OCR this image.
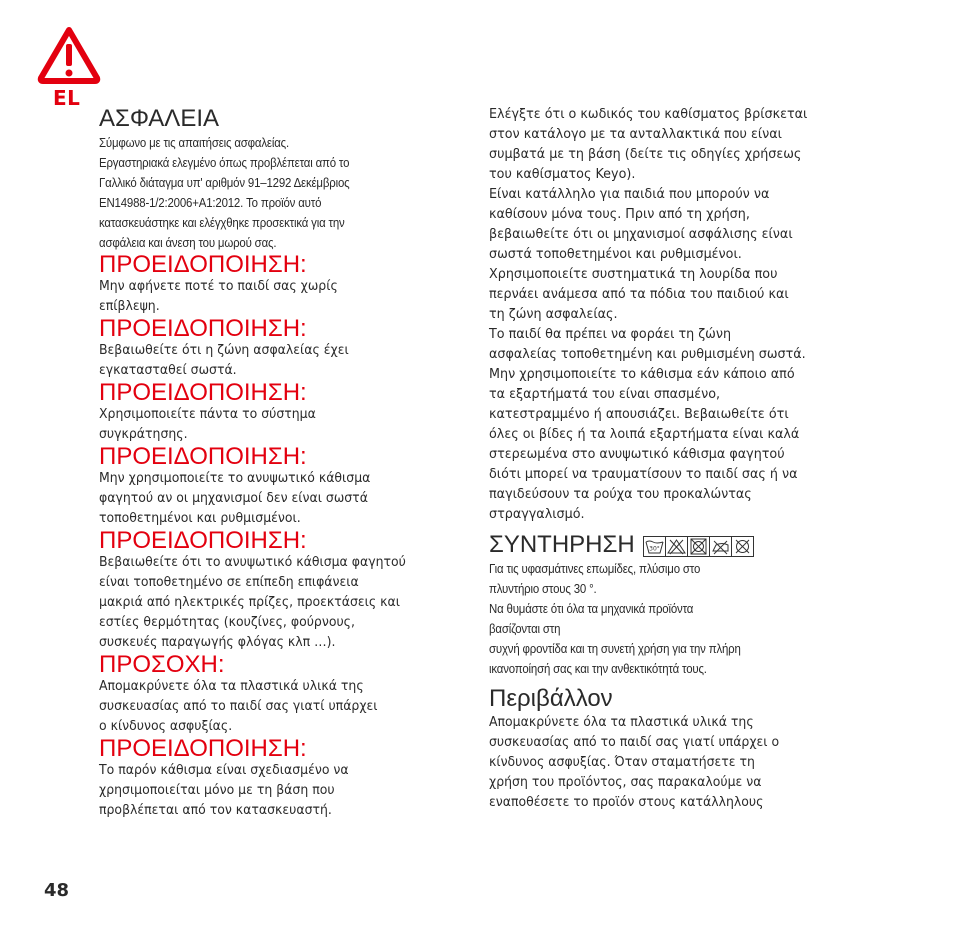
EL
ΑΣΦΑΛΕΙΑ
Σύμφωνο με τις απαιτήσεις ασφαλείας.
Εργαστηριακά ελεγμένο όπως προβλέπεται από το
Γαλλικό διάταγμα υπ' αριθμόν 91–1292 Δεκέμβριος
EN14988-1/2:2006+A1:2012. Το προϊόν αυτό
κατασκευάστηκε και ελέγχθηκε προσεκτικά για την
ασφάλεια και άνεση του μωρού σας.
ΠΡΟΕΙΔΟΠΟΙΗΣΗ:
Μην αφήνετε ποτέ το παιδί σας χωρίς
επίβλεψη.
ΠΡΟΕΙΔΟΠΟΙΗΣΗ:
Βεβαιωθείτε ότι η ζώνη ασφαλείας έχει
εγκατασταθεί σωστά.
ΠΡΟΕΙΔΟΠΟΙΗΣΗ:
Χρησιμοποιείτε πάντα το σύστημα
συγκράτησης.
ΠΡΟΕΙΔΟΠΟΙΗΣΗ:
Μην χρησιμοποιείτε το ανυψωτικό κάθισμα
φαγητού αν οι μηχανισμοί δεν είναι σωστά
τοποθετημένοι και ρυθμισμένοι.
ΠΡΟΕΙΔΟΠΟΙΗΣΗ:
Βεβαιωθείτε ότι το ανυψωτικό κάθισμα φαγητού
είναι τοποθετημένο σε επίπεδη επιφάνεια
μακριά από ηλεκτρικές πρίζες, προεκτάσεις και
εστίες θερμότητας (κουζίνες, φούρνους,
συσκευές παραγωγής φλόγας κλπ …).
ΠΡΟΣΟΧΗ:
Απομακρύνετε όλα τα πλαστικά υλικά της
συσκευασίας από το παιδί σας γιατί υπάρχει
ο κίνδυνος ασφυξίας.
ΠΡΟΕΙΔΟΠΟΙΗΣΗ:
Το παρόν κάθισμα είναι σχεδιασμένο να
χρησιμοποιείται μόνο με τη βάση που
προβλέπεται από τον κατασκευαστή.
Ελέγξτε ότι ο κωδικός του καθίσματος βρίσκεται
στον κατάλογο με τα ανταλλακτικά που είναι
συμβατά με τη βάση (δείτε τις οδηγίες χρήσεως
του καθίσματος Keyo).
Είναι κατάλληλο για παιδιά που μπορούν να
καθίσουν μόνα τους. Πριν από τη χρήση,
βεβαιωθείτε ότι οι μηχανισμοί ασφάλισης είναι
σωστά τοποθετημένοι και ρυθμισμένοι.
Χρησιμοποιείτε συστηματικά τη λουρίδα που
περνάει ανάμεσα από τα πόδια του παιδιού και
τη ζώνη ασφαλείας.
Το παιδί θα πρέπει να φοράει τη ζώνη
ασφαλείας τοποθετημένη και ρυθμισμένη σωστά.
Μην χρησιμοποιείτε το κάθισμα εάν κάποιο από
τα εξαρτήματά του είναι σπασμένο,
κατεστραμμένο ή απουσιάζει. Βεβαιωθείτε ότι
όλες οι βίδες ή τα λοιπά εξαρτήματα είναι καλά
στερεωμένα στο ανυψωτικό κάθισμα φαγητού
διότι μπορεί να τραυματίσουν το παιδί σας ή να
παγιδεύσουν τα ρούχα του προκαλώντας
στραγγαλισμό.
ΣΥΝΤΗΡΗΣΗ 30°
Για τις υφασμάτινες επωμίδες, πλύσιμο στο
πλυντήριο στους 30 °.
Να θυμάστε ότι όλα τα μηχανικά προϊόντα
βασίζονται στη
συχνή φροντίδα και τη συνετή χρήση για την πλήρη
ικανοποίησή σας και την ανθεκτικότητά τους.
Περιβάλλον
Απομακρύνετε όλα τα πλαστικά υλικά της
συσκευασίας από το παιδί σας γιατί υπάρχει ο
κίνδυνος ασφυξίας. Όταν σταματήσετε τη
χρήση του προϊόντος, σας παρακαλούμε να
εναποθέσετε το προϊόν στους κατάλληλους
48
